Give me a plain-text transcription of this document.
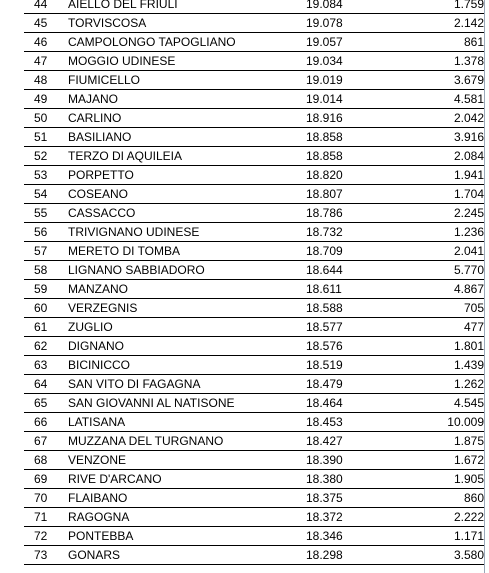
44	AIELLO DEL FRIULI	19.084	1.759
45	TORVISCOSA	19.078	2.142
46	CAMPOLONGO TAPOGLIANO	19.057	861
47	MOGGIO UDINESE	19.034	1.378
48	FIUMICELLO	19.019	3.679
49	MAJANO	19.014	4.581
50	CARLINO	18.916	2.042
51	BASILIANO	18.858	3.916
52	TERZO DI AQUILEIA	18.858	2.084
53	PORPETTO	18.820	1.941
54	COSEANO	18.807	1.704
55	CASSACCO	18.786	2.245
56	TRIVIGNANO UDINESE	18.732	1.236
57	MERETO DI TOMBA	18.709	2.041
58	LIGNANO SABBIADORO	18.644	5.770
59	MANZANO	18.611	4.867
60	VERZEGNIS	18.588	705
61	ZUGLIO	18.577	477
62	DIGNANO	18.576	1.801
63	BICINICCO	18.519	1.439
64	SAN VITO DI FAGAGNA	18.479	1.262
65	SAN GIOVANNI AL NATISONE	18.464	4.545
66	LATISANA	18.453	10.009
67	MUZZANA DEL TURGNANO	18.427	1.875
68	VENZONE	18.390	1.672
69	RIVE D'ARCANO	18.380	1.905
70	FLAIBANO	18.375	860
71	RAGOGNA	18.372	2.222
72	PONTEBBA	18.346	1.171
73	GONARS	18.298	3.580
